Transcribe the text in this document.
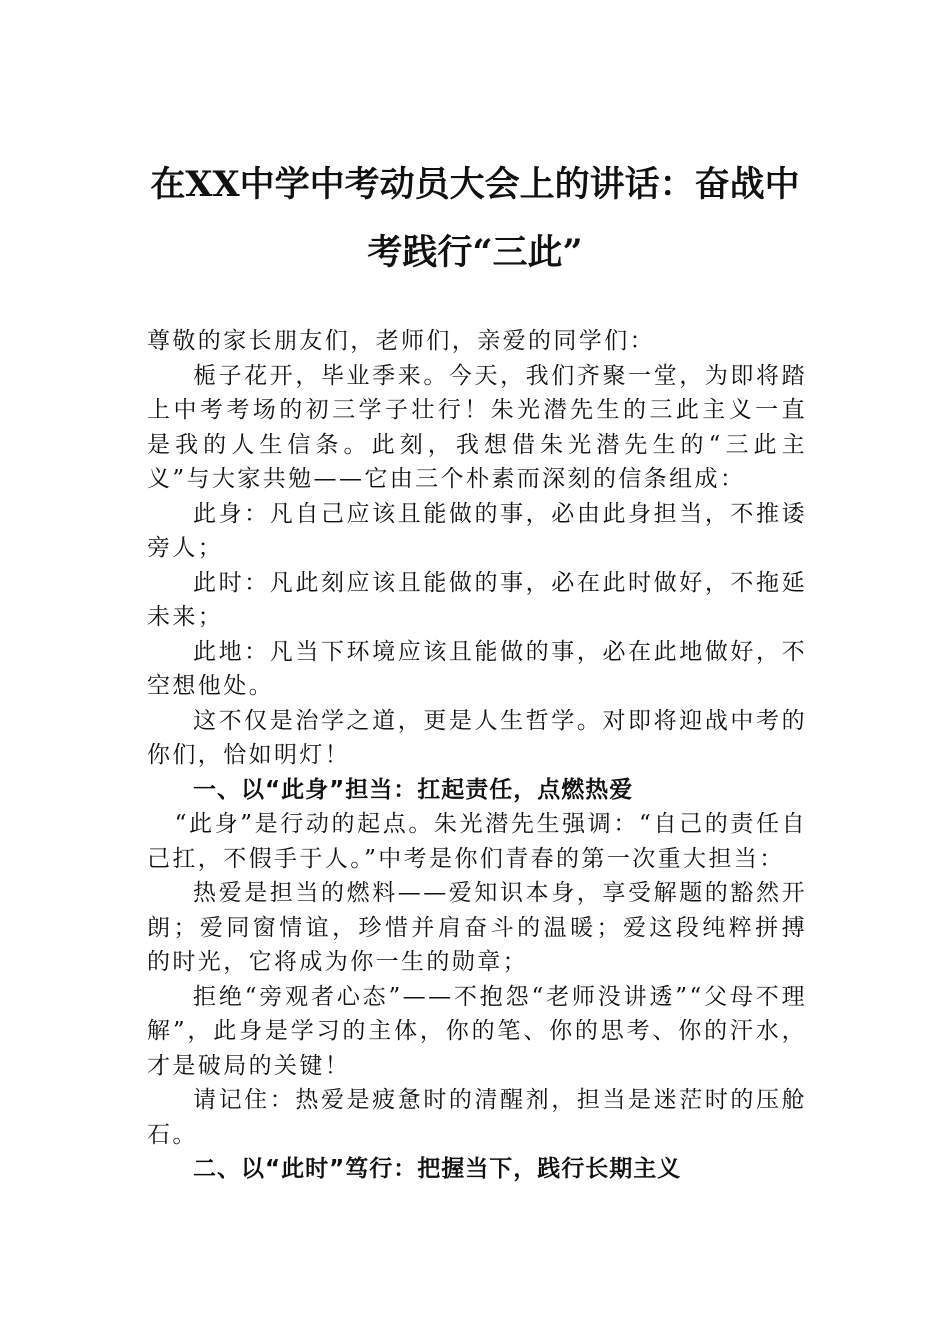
在XX中学中考动员大会上的讲话：奋战中
考践行“三此”

尊敬的家长朋友们，老师们，亲爱的同学们：

栀子花开，毕业季来。今天，我们齐聚一堂，为即将踏上中考考场的初三学子壮行！朱光潜先生的三此主义一直是我的人生信条。此刻，我想借朱光潜先生的“三此主义”与大家共勉——它由三个朴素而深刻的信条组成：

此身：凡自己应该且能做的事，必由此身担当，不推诿旁人；

此时：凡此刻应该且能做的事，必在此时做好，不拖延未来；

此地：凡当下环境应该且能做的事，必在此地做好，不空想他处。

这不仅是治学之道，更是人生哲学。对即将迎战中考的你们，恰如明灯！

一、以“此身”担当：扛起责任，点燃热爱

“此身”是行动的起点。朱光潜先生强调：“自己的责任自己扛，不假手于人。”中考是你们青春的第一次重大担当：

热爱是担当的燃料——爱知识本身，享受解题的豁然开朗；爱同窗情谊，珍惜并肩奋斗的温暖；爱这段纯粹拼搏的时光，它将成为你一生的勋章；

拒绝“旁观者心态”——不抱怨“老师没讲透”“父母不理解”，此身是学习的主体，你的笔、你的思考、你的汗水，才是破局的关键！

请记住：热爱是疲惫时的清醒剂，担当是迷茫时的压舱石。

二、以“此时”笃行：把握当下，践行长期主义
